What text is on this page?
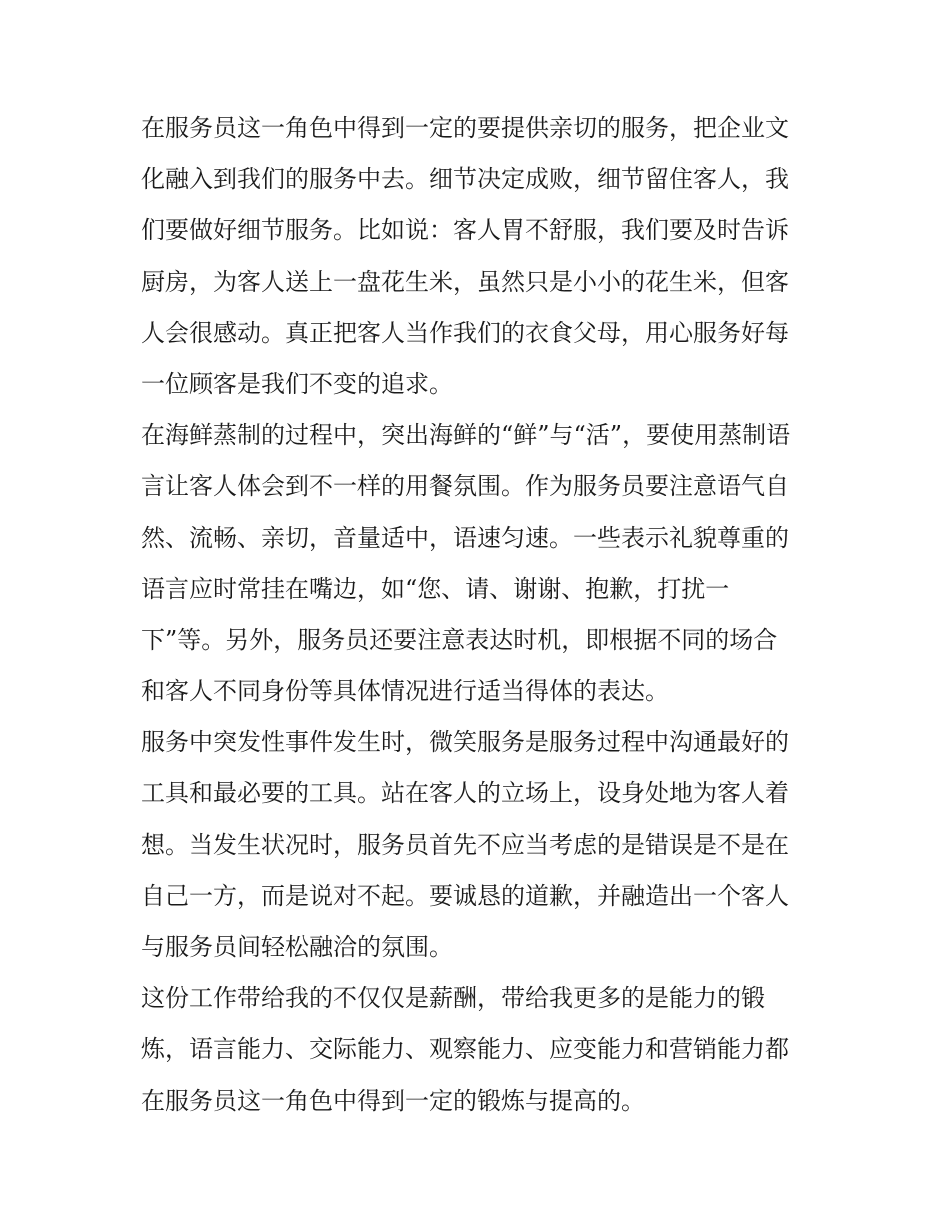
在服务员这一角色中得到一定的要提供亲切的服务，把企业文
化融入到我们的服务中去。细节决定成败，细节留住客人，我
们要做好细节服务。比如说：客人胃不舒服，我们要及时告诉
厨房，为客人送上一盘花生米，虽然只是小小的花生米，但客
人会很感动。真正把客人当作我们的衣食父母，用心服务好每
一位顾客是我们不变的追求。
在海鲜蒸制的过程中，突出海鲜的“鲜”与“活”，要使用蒸制语
言让客人体会到不一样的用餐氛围。作为服务员要注意语气自
然、流畅、亲切，音量适中，语速匀速。一些表示礼貌尊重的
语言应时常挂在嘴边，如“您、请、谢谢、抱歉，打扰一
下”等。另外，服务员还要注意表达时机，即根据不同的场合
和客人不同身份等具体情况进行适当得体的表达。
服务中突发性事件发生时，微笑服务是服务过程中沟通最好的
工具和最必要的工具。站在客人的立场上，设身处地为客人着
想。当发生状况时，服务员首先不应当考虑的是错误是不是在
自己一方，而是说对不起。要诚恳的道歉，并融造出一个客人
与服务员间轻松融洽的氛围。
这份工作带给我的不仅仅是薪酬，带给我更多的是能力的锻
炼，语言能力、交际能力、观察能力、应变能力和营销能力都
在服务员这一角色中得到一定的锻炼与提高的。
